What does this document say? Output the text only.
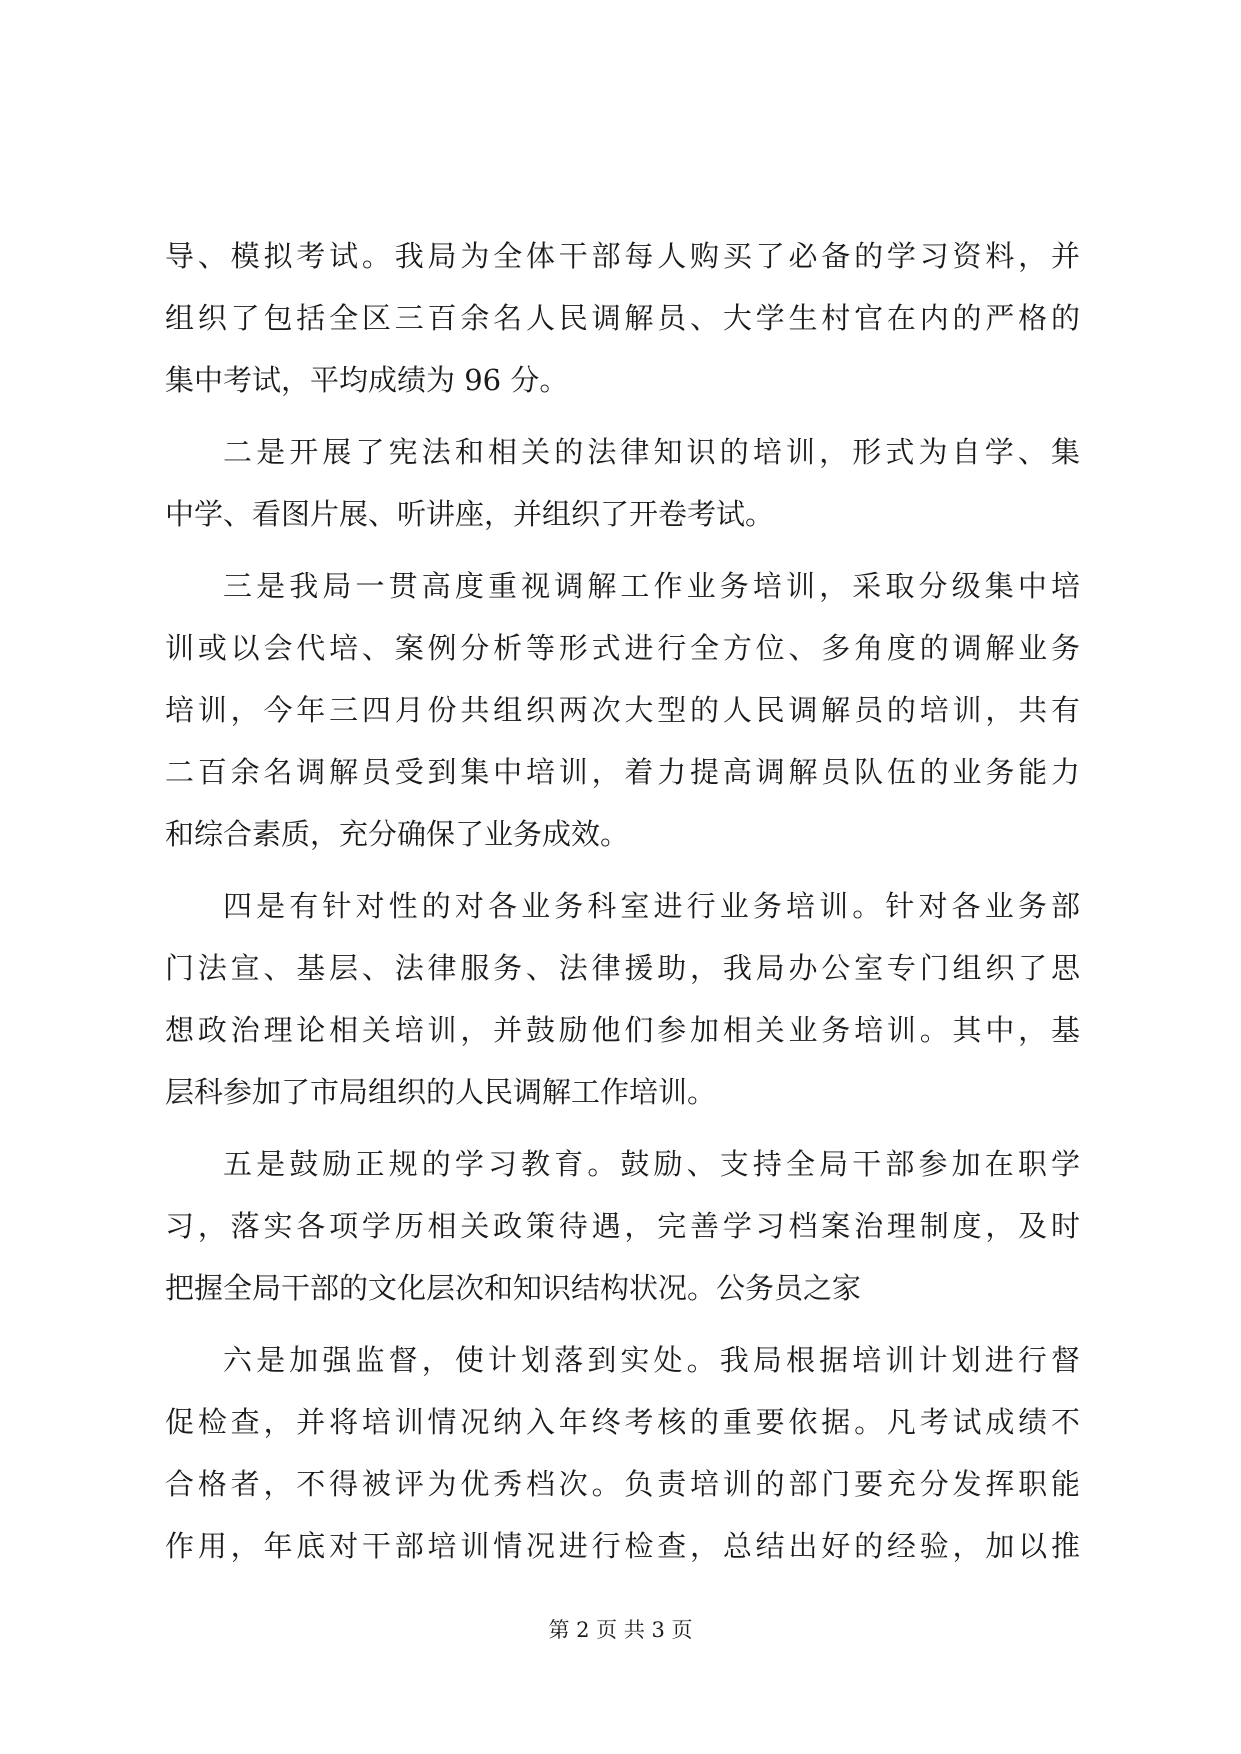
导、模拟考试。我局为全体干部每人购买了必备的学习资料，并
组织了包括全区三百余名人民调解员、大学生村官在内的严格的
集中考试，平均成绩为 96 分。
二是开展了宪法和相关的法律知识的培训，形式为自学、集
中学、看图片展、听讲座，并组织了开卷考试。
三是我局一贯高度重视调解工作业务培训，采取分级集中培
训或以会代培、案例分析等形式进行全方位、多角度的调解业务
培训，今年三四月份共组织两次大型的人民调解员的培训，共有
二百余名调解员受到集中培训，着力提高调解员队伍的业务能力
和综合素质，充分确保了业务成效。
四是有针对性的对各业务科室进行业务培训。针对各业务部
门法宣、基层、法律服务、法律援助，我局办公室专门组织了思
想政治理论相关培训，并鼓励他们参加相关业务培训。其中，基
层科参加了市局组织的人民调解工作培训。
五是鼓励正规的学习教育。鼓励、支持全局干部参加在职学
习，落实各项学历相关政策待遇，完善学习档案治理制度，及时
把握全局干部的文化层次和知识结构状况。公务员之家
六是加强监督，使计划落到实处。我局根据培训计划进行督
促检查，并将培训情况纳入年终考核的重要依据。凡考试成绩不
合格者，不得被评为优秀档次。负责培训的部门要充分发挥职能
作用，年底对干部培训情况进行检查，总结出好的经验，加以推
第 2 页 共 3 页
